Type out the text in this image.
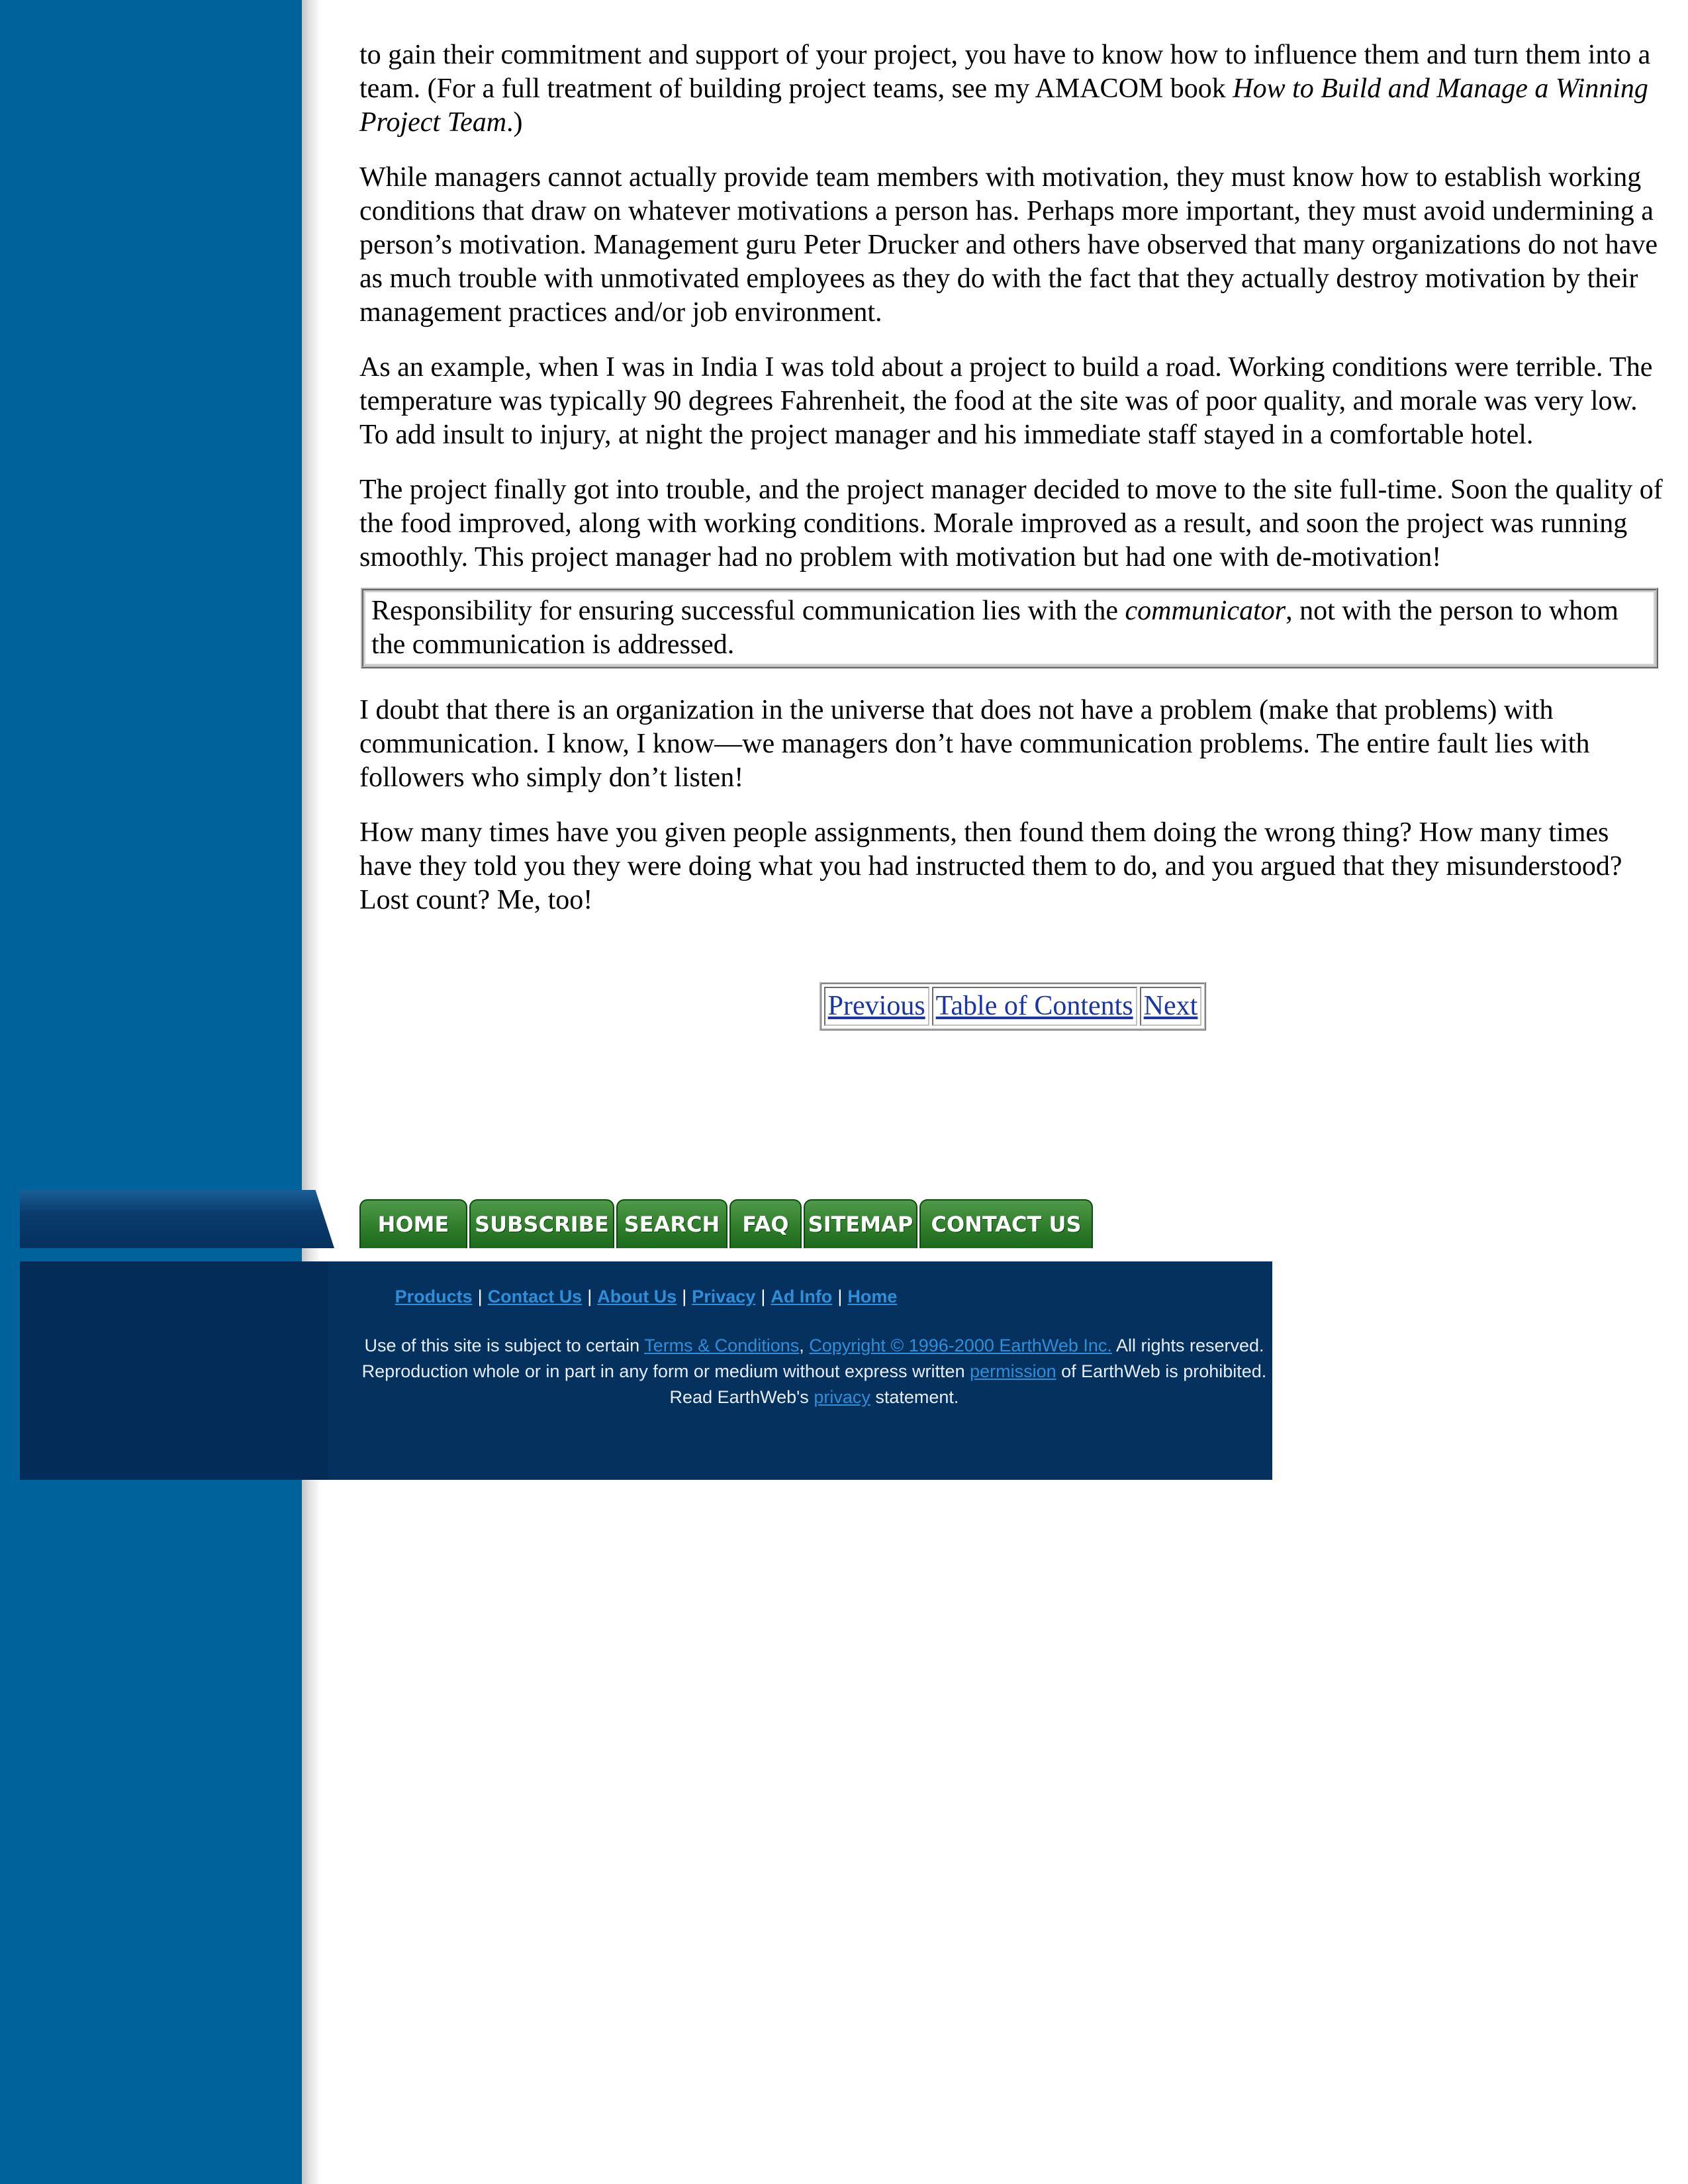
to gain their commitment and support of your project, you have to know how to influence them and turn them into a team. (For a full treatment of building project teams, see my AMACOM book How to Build and Manage a Winning Project Team.)

While managers cannot actually provide team members with motivation, they must know how to establish working conditions that draw on whatever motivations a person has. Perhaps more important, they must avoid undermining a person’s motivation. Management guru Peter Drucker and others have observed that many organizations do not have as much trouble with unmotivated employees as they do with the fact that they actually destroy motivation by their management practices and/or job environment.

As an example, when I was in India I was told about a project to build a road. Working conditions were terrible. The temperature was typically 90 degrees Fahrenheit, the food at the site was of poor quality, and morale was very low. To add insult to injury, at night the project manager and his immediate staff stayed in a comfortable hotel.

The project finally got into trouble, and the project manager decided to move to the site full-time. Soon the quality of the food improved, along with working conditions. Morale improved as a result, and soon the project was running smoothly. This project manager had no problem with motivation but had one with de-motivation!

Responsibility for ensuring successful communication lies with the communicator, not with the person to whom the communication is addressed.

I doubt that there is an organization in the universe that does not have a problem (make that problems) with communication. I know, I know—we managers don’t have communication problems. The entire fault lies with followers who simply don’t listen!

How many times have you given people assignments, then found them doing the wrong thing? How many times have they told you they were doing what you had instructed them to do, and you argued that they misunderstood? Lost count? Me, too!

Previous	Table of Contents	Next
HOME	SUBSCRIBE SEARCH	FAQ SITEMAP CONTACT US
Products | Contact Us | About Us | Privacy | Ad Info | Home
Use of this site is subject to certain Terms & Conditions, Copyright © 1996-2000 EarthWeb Inc. All rights reserved. Reproduction whole or in part in any form or medium without express written permission of EarthWeb is prohibited. Read EarthWeb's privacy statement.
